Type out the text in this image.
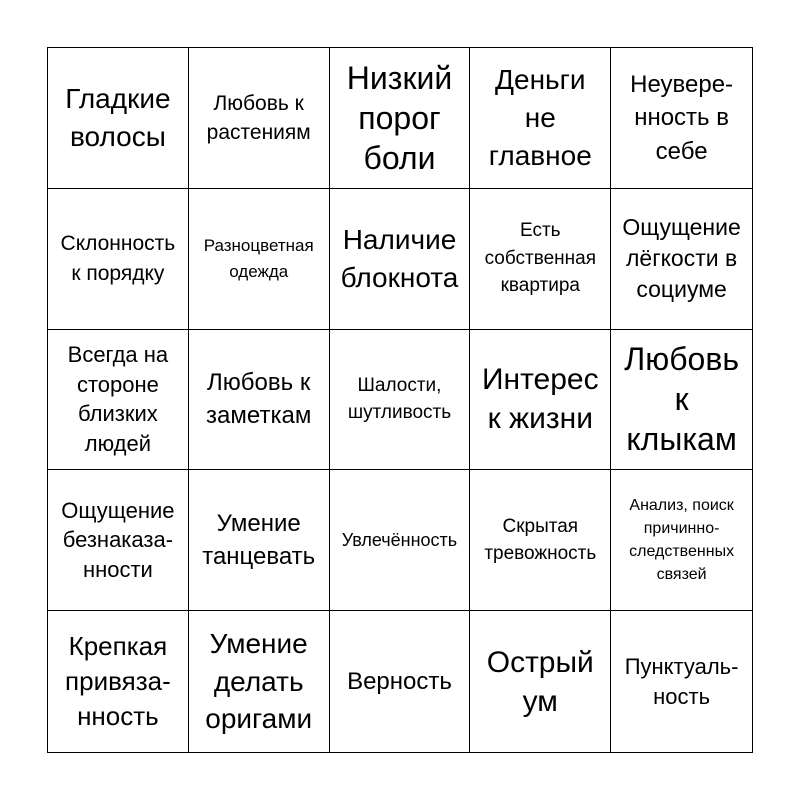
Гладкие
волосы
Любовь к
растениям
Низкий
порог
боли
Деньги
не
главное
Неувере-
нность в
себе
Склонность
к порядку
Разноцветная
одежда
Наличие
блокнота
Есть
собственная
квартира
Ощущение
лёгкости в
социуме
Всегда на
стороне
близких
людей
Любовь к
заметкам
Шалости,
шутливость
Интерес
к жизни
Любовь
к
клыкам
Ощущение
безнаказа-
нности
Умение
танцевать
Увлечённость
Скрытая
тревожность
Анализ, поиск
причинно-
следственных
связей
Крепкая
привяза-
нность
Умение
делать
оригами
Верность
Острый
ум
Пунктуаль-
ность
